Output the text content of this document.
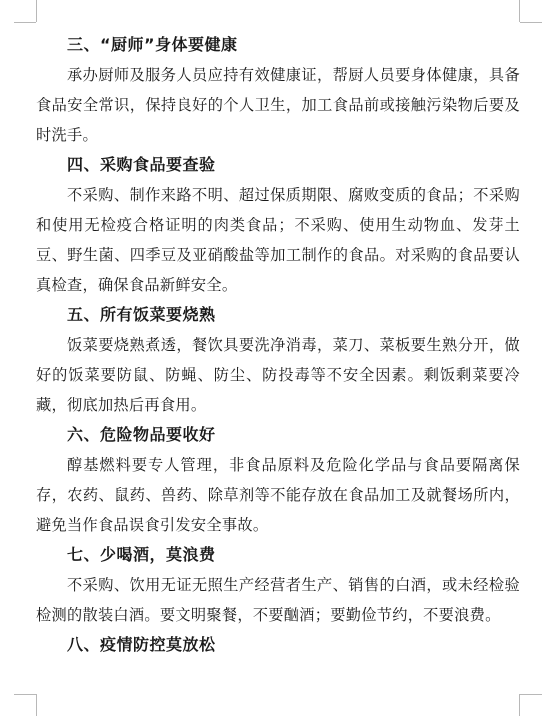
三、“厨师”身体要健康

承办厨师及服务人员应持有效健康证，帮厨人员要身体健康，具备食品安全常识，保持良好的个人卫生，加工食品前或接触污染物后要及时洗手。

四、采购食品要查验

不采购、制作来路不明、超过保质期限、腐败变质的食品；不采购和使用无检疫合格证明的肉类食品；不采购、使用生动物血、发芽土豆、野生菌、四季豆及亚硝酸盐等加工制作的食品。对采购的食品要认真检查，确保食品新鲜安全。

五、所有饭菜要烧熟

饭菜要烧熟煮透，餐饮具要洗净消毒，菜刀、菜板要生熟分开，做好的饭菜要防鼠、防蝇、防尘、防投毒等不安全因素。剩饭剩菜要冷藏，彻底加热后再食用。

六、危险物品要收好

醇基燃料要专人管理，非食品原料及危险化学品与食品要隔离保存，农药、鼠药、兽药、除草剂等不能存放在食品加工及就餐场所内，避免当作食品误食引发安全事故。

七、少喝酒，莫浪费

不采购、饮用无证无照生产经营者生产、销售的白酒，或未经检验检测的散装白酒。要文明聚餐，不要酗酒；要勤俭节约，不要浪费。

八、疫情防控莫放松
